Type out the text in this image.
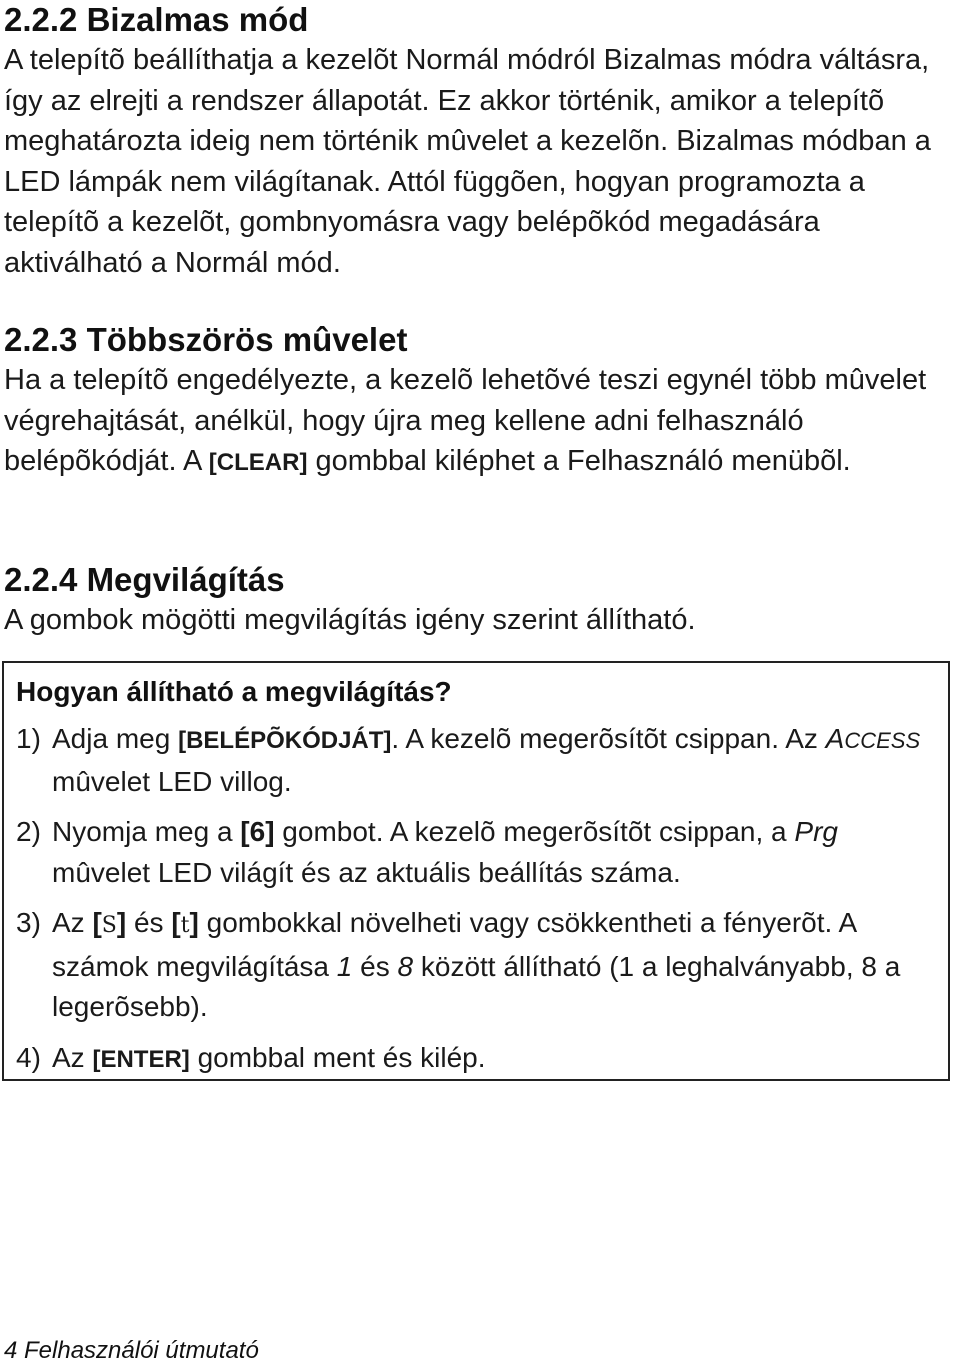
2.2.2 Bizalmas mód

A telepítõ beállíthatja a kezelõt Normál módról Bizalmas módra váltásra, így az elrejti a rendszer állapotát. Ez akkor történik, amikor a telepítõ meghatározta ideig nem történik mûvelet a kezelõn. Bizalmas módban a LED lámpák nem világítanak. Attól függõen, hogyan programozta a telepítõ a kezelõt, gombnyomásra vagy belépõkód megadására aktiválható a Normál mód.

2.2.3 Többszörös mûvelet

Ha a telepítõ engedélyezte, a kezelõ lehetõvé teszi egynél több mûvelet végrehajtását, anélkül, hogy újra meg kellene adni felhasználó belépõkódját. A [CLEAR] gombbal kiléphet a Felhasználó menübõl.

2.2.4 Megvilágítás

A gombok mögötti megvilágítás igény szerint állítható.

Hogyan állítható a megvilágítás?
1) Adja meg [BELÉPÕKÓDJÁT]. A kezelõ megerõsítõt csippan. Az ACCESS mûvelet LED villog.
2) Nyomja meg a [6] gombot. A kezelõ megerõsítõt csippan, a Prg mûvelet LED világít és az aktuális beállítás száma.
3) Az [S] és [t] gombokkal növelheti vagy csökkentheti a fényerõt. A számok megvilágítása 1 és 8 között állítható (1 a leghalványabb, 8 a legerõsebb).
4) Az [ENTER] gombbal ment és kilép.
4 Felhasználói útmutató
